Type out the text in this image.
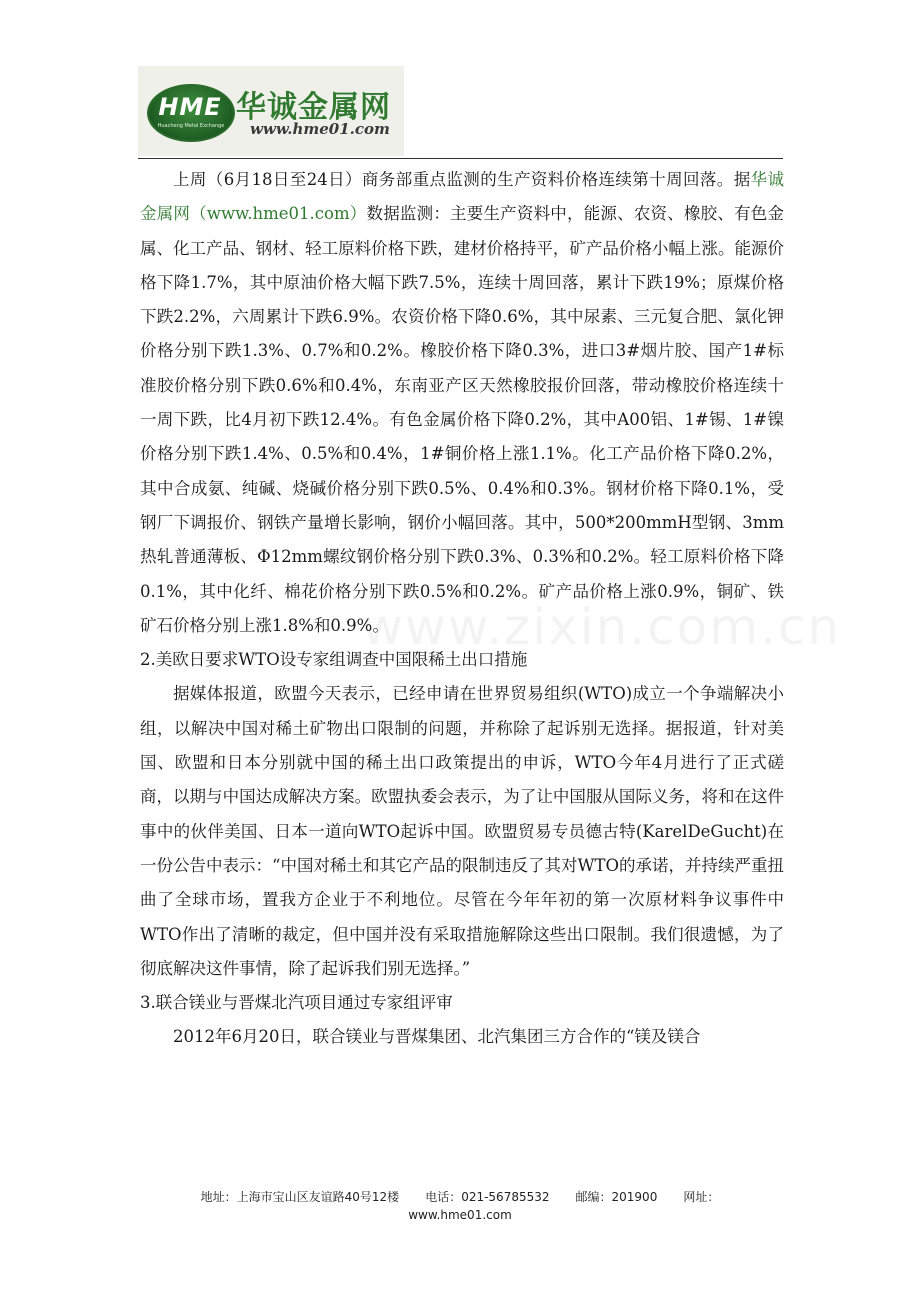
HME
Huacheng Metal Exchange
华诚金属网
www.hme01.com

上周（6月18日至24日）商务部重点监测的生产资料价格连续第十周回落。据华诚金属网（www.hme01.com）数据监测：主要生产资料中，能源、农资、橡胶、有色金属、化工产品、钢材、轻工原料价格下跌，建材价格持平，矿产品价格小幅上涨。能源价格下降1.7%，其中原油价格大幅下跌7.5%，连续十周回落，累计下跌19%；原煤价格下跌2.2%，六周累计下跌6.9%。农资价格下降0.6%，其中尿素、三元复合肥、氯化钾价格分别下跌1.3%、0.7%和0.2%。橡胶价格下降0.3%，进口3#烟片胶、国产1#标准胶价格分别下跌0.6%和0.4%，东南亚产区天然橡胶报价回落，带动橡胶价格连续十一周下跌，比4月初下跌12.4%。有色金属价格下降0.2%，其中A00铝、1#锡、1#镍价格分别下跌1.4%、0.5%和0.4%，1#铜价格上涨1.1%。化工产品价格下降0.2%，其中合成氨、纯碱、烧碱价格分别下跌0.5%、0.4%和0.3%。钢材价格下降0.1%，受钢厂下调报价、钢铁产量增长影响，钢价小幅回落。其中，500*200mmH型钢、3mm热轧普通薄板、Φ12mm螺纹钢价格分别下跌0.3%、0.3%和0.2%。轻工原料价格下降0.1%，其中化纤、棉花价格分别下跌0.5%和0.2%。矿产品价格上涨0.9%，铜矿、铁矿石价格分别上涨1.8%和0.9%。

2.美欧日要求WTO设专家组调查中国限稀土出口措施

据媒体报道，欧盟今天表示，已经申请在世界贸易组织(WTO)成立一个争端解决小组，以解决中国对稀土矿物出口限制的问题，并称除了起诉别无选择。据报道，针对美国、欧盟和日本分别就中国的稀土出口政策提出的申诉，WTO今年4月进行了正式磋商，以期与中国达成解决方案。欧盟执委会表示，为了让中国服从国际义务，将和在这件事中的伙伴美国、日本一道向WTO起诉中国。欧盟贸易专员德古特(KarelDeGucht)在一份公告中表示：“中国对稀土和其它产品的限制违反了其对WTO的承诺，并持续严重扭曲了全球市场，置我方企业于不利地位。尽管在今年年初的第一次原材料争议事件中WTO作出了清晰的裁定，但中国并没有采取措施解除这些出口限制。我们很遗憾，为了彻底解决这件事情，除了起诉我们别无选择。”

3.联合镁业与晋煤北汽项目通过专家组评审

2012年6月20日，联合镁业与晋煤集团、北汽集团三方合作的“镁及镁合

地址：上海市宝山区友谊路40号12楼 电话：021-56785532 邮编：201900 网址：
www.hme01.com
